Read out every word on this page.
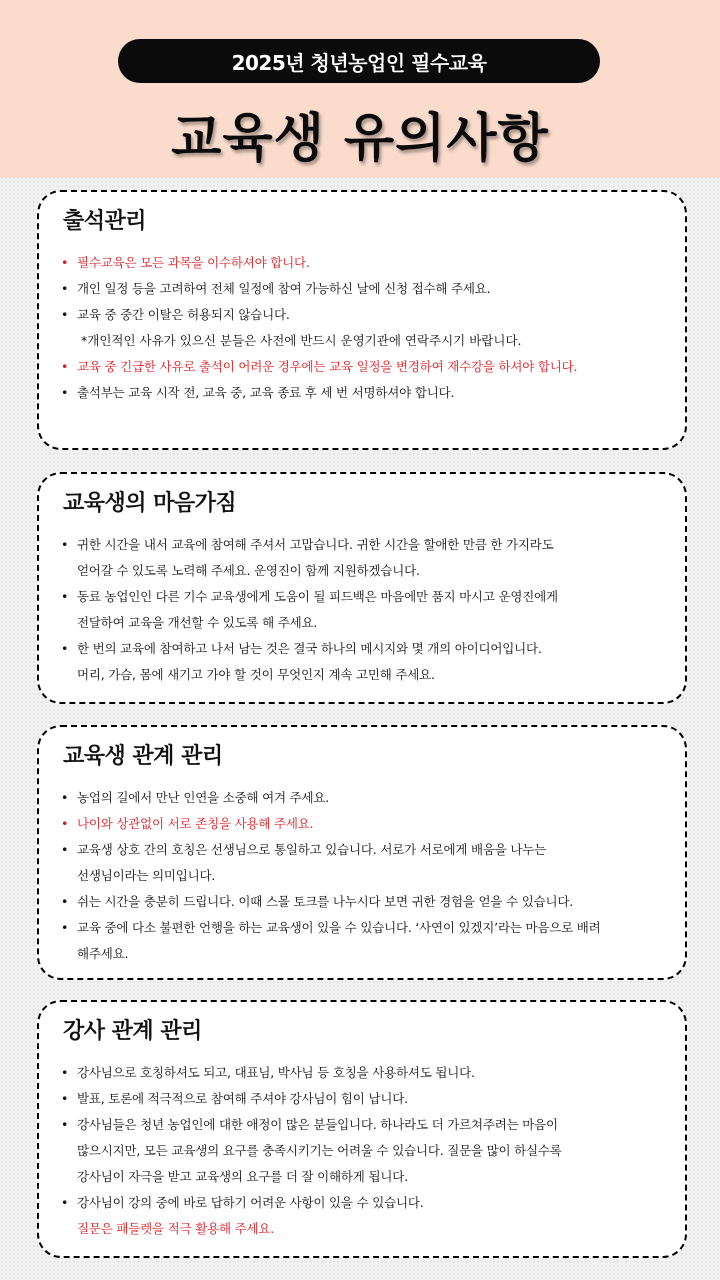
2025년 청년농업인 필수교육
교육생 유의사항
출석관리
• 필수교육은 모든 과목을 이수하셔야 합니다.
• 개인 일정 등을 고려하여 전체 일정에 참여 가능하신 날에 신청 접수해 주세요.
• 교육 중 중간 이탈은 허용되지 않습니다.
*개인적인 사유가 있으신 분들은 사전에 반드시 운영기관에 연락주시기 바랍니다.
• 교육 중 긴급한 사유로 출석이 어려운 경우에는 교육 일정을 변경하여 재수강을 하셔야 합니다.
• 출석부는 교육 시작 전, 교육 중, 교육 종료 후 세 번 서명하셔야 합니다.
교육생의 마음가짐
• 귀한 시간을 내서 교육에 참여해 주셔서 고맙습니다. 귀한 시간을 할애한 만큼 한 가지라도
얻어갈 수 있도록 노력해 주세요. 운영진이 함께 지원하겠습니다.
• 동료 농업인인 다른 기수 교육생에게 도움이 될 피드백은 마음에만 품지 마시고 운영진에게
전달하여 교육을 개선할 수 있도록 해 주세요.
• 한 번의 교육에 참여하고 나서 남는 것은 결국 하나의 메시지와 몇 개의 아이디어입니다.
머리, 가슴, 몸에 새기고 가야 할 것이 무엇인지 계속 고민해 주세요.
교육생 관계 관리
• 농업의 길에서 만난 인연을 소중해 여겨 주세요.
• 나이와 상관없이 서로 존칭을 사용해 주세요.
• 교육생 상호 간의 호칭은 선생님으로 통일하고 있습니다. 서로가 서로에게 배움을 나누는
선생님이라는 의미입니다.
• 쉬는 시간을 충분히 드립니다. 이때 스몰 토크를 나누시다 보면 귀한 경험을 얻을 수 있습니다.
• 교육 중에 다소 불편한 언행을 하는 교육생이 있을 수 있습니다. ‘사연이 있겠지’라는 마음으로 배려
해주세요.
강사 관계 관리
• 강사님으로 호칭하셔도 되고, 대표님, 박사님 등 호칭을 사용하셔도 됩니다.
• 발표, 토론에 적극적으로 참여해 주셔야 강사님이 힘이 납니다.
• 강사님들은 청년 농업인에 대한 애정이 많은 분들입니다. 하나라도 더 가르쳐주려는 마음이
많으시지만, 모든 교육생의 요구를 충족시키기는 어려울 수 있습니다. 질문을 많이 하실수록
강사님이 자극을 받고 교육생의 요구를 더 잘 이해하게 됩니다.
• 강사님이 강의 중에 바로 답하기 어려운 사항이 있을 수 있습니다.
질문은 패들렛을 적극 활용해 주세요.
